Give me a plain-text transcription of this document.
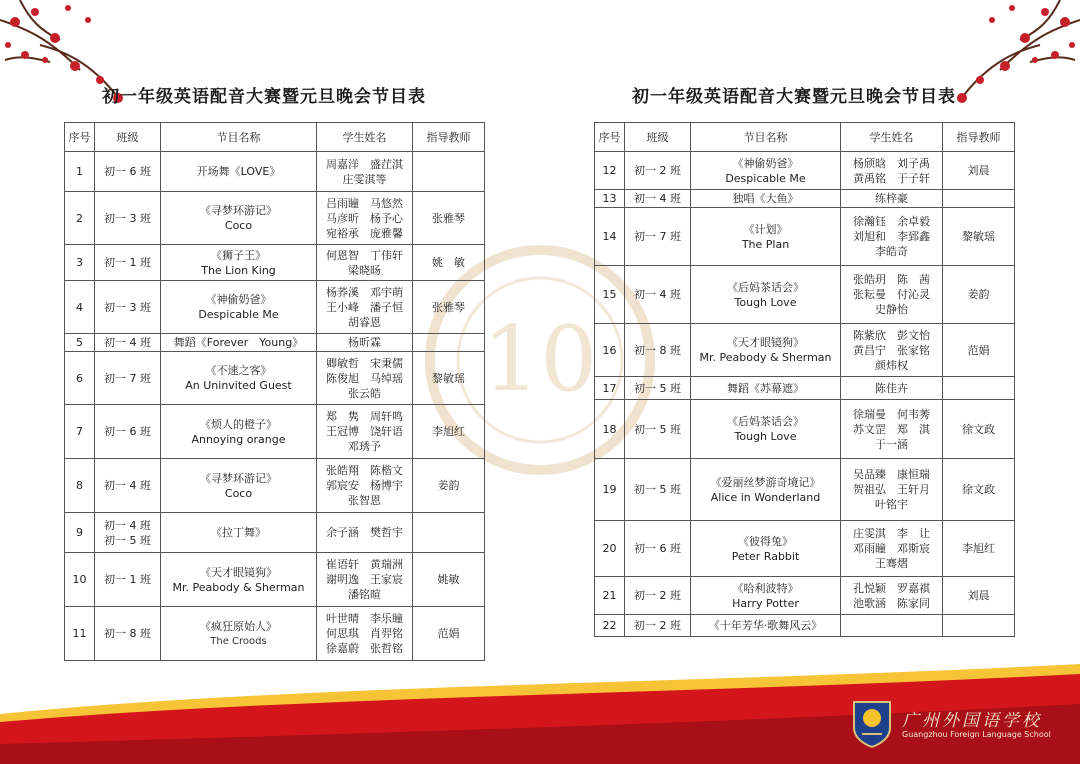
10
初一年级英语配音大赛暨元旦晚会节目表	初一年级英语配音大赛暨元旦晚会节目表
序号	班级	节目名称	学生姓名	指导教师
1	初一 6 班	开场舞《LOVE》	周嘉洋　盛茳淇
庄雯淇等	

2	初一 3 班	《寻梦环游记》
Coco	吕雨瞳　马悠然
马彦昕　杨予心
宛裕承　庞雅馨	张雅琴
3	初一 1 班	《狮子王》
The Lion King	何恩智　丁伟轩
梁晓旸	姚　敏
4	初一 3 班	《神偷奶爸》
Despicable Me	杨荞溪　邓宇萌
王小峰　潘子恒
胡睿恩	张雅琴
5	初一 4 班	舞蹈《Forever　Young》	杨昕霖	

6	初一 7 班	《不速之客》
An Uninvited Guest	卿敏哲　宋秉儒
陈俊旭　马绰瑶
张云皓	黎敏瑶
7	初一 6 班	《烦人的橙子》
Annoying orange	郑　隽　周轩鸣
王冠博　饶轩语
邓琇予	李旭红
8	初一 4 班	《寻梦环游记》
Coco	张皓翔　陈楷文
郭宸安　杨博宇
张智恩	姜韵
9	初一 4 班
初一 5 班	《拉丁舞》	余子涵　樊哲宇	

10	初一 1 班	《天才眼镜狗》
Mr. Peabody & Sherman	崔语轩　黄瑞洲
谢明逸　王家宸
潘铭暄	姚敏
11	初一 8 班	《疯狂原始人》
The Croods	叶世晴　李乐瞳
何思琪　肖羿铭
徐嘉蔚　张哲铭	范娟
序号	班级	节目名称	学生姓名	指导教师
12	初一 2 班	《神偷奶爸》
Despicable Me	杨颀晗　刘子禹
黄禹铭　于子轩	刘晨
13	初一 4 班	独唱《大鱼》	练梓豪	

14	初一 7 班	《计划》
The Plan	徐瀚钰　余卓毅
刘旭和　李郅鑫
李皓奇	黎敏瑶
15	初一 4 班	《后妈茶话会》
Tough Love	张皓玥　陈　茜
张耘曼　付沁灵
史静怡	姜韵
16	初一 8 班	《天才眼镜狗》
Mr. Peabody & Sherman	陈紫欣　彭文怡
黄昌宁　张家铭
颜炜权	范娟
17	初一 5 班	舞蹈《苏幕遮》	陈佳卉	

18	初一 5 班	《后妈茶话会》
Tough Love	徐瑞曼　何韦莠
苏文罡　郑　淇
于一涵	徐文政
19	初一 5 班	《爱丽丝梦游奇境记》
Alice in Wonderland	吴品臻　康恒瑞
贺祖弘　王轩月
叶铭宇	徐文政
20	初一 6 班	《彼得兔》
Peter Rabbit	庄雯淇　李　让
邓雨瞳　邓斯宸
王骞熠	李旭红
21	初一 2 班	《哈利波特》
Harry Potter	孔悦颖　罗嘉祺
池歌涵　陈家同	刘晨
22	初一 2 班	《十年芳华·歌舞风云》		

广州外国语学校
Guangzhou Foreign Language School
